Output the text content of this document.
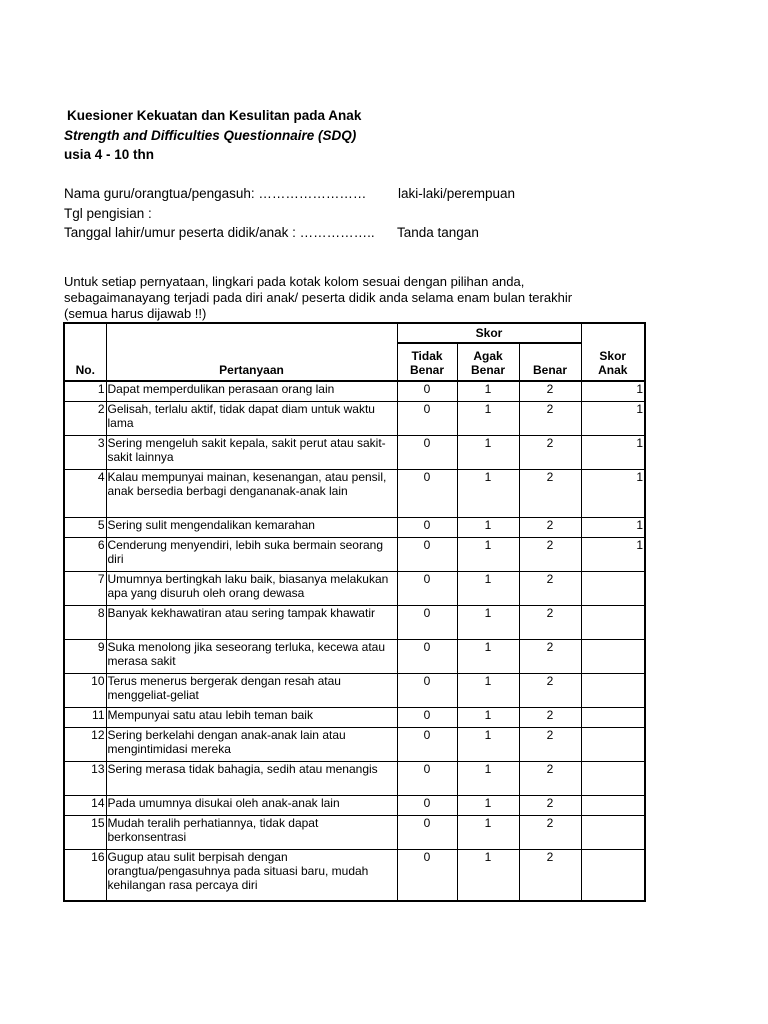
Kuesioner Kekuatan dan Kesulitan pada Anak
Strength and Difficulties Questionnaire (SDQ)
usia 4 - 10 thn
Nama guru/orangtua/pengasuh: …………………… laki-laki/perempuan
Tgl pengisian :
Tanggal lahir/umur peserta didik/anak : …………….. Tanda tangan
Untuk setiap pernyataan, lingkari pada kotak kolom sesuai dengan pilihan anda,
sebagaimanayang terjadi pada diri anak/ peserta didik anda selama enam bulan terakhir
(semua harus dijawab !!)
No.	Pertanyaan	Skor			Skor Anak
		Tidak Benar	Agak Benar	Benar	
1	Dapat memperdulikan perasaan orang lain	0	1	2	1
2	Gelisah, terlalu aktif, tidak dapat diam untuk waktu lama	0	1	2	1
3	Sering mengeluh sakit kepala, sakit perut atau sakit-sakit lainnya	0	1	2	1
4	Kalau mempunyai mainan, kesenangan, atau pensil, anak bersedia berbagi dengananak-anak lain	0	1	2	1
5	Sering sulit mengendalikan kemarahan	0	1	2	1
6	Cenderung menyendiri, lebih suka bermain seorang diri	0	1	2	1
7	Umumnya bertingkah laku baik, biasanya melakukan apa yang disuruh oleh orang dewasa	0	1	2	
8	Banyak kekhawatiran atau sering tampak khawatir	0	1	2	
9	Suka menolong jika seseorang terluka, kecewa atau merasa sakit	0	1	2	
10	Terus menerus bergerak dengan resah atau menggeliat-geliat	0	1	2	
11	Mempunyai satu atau lebih teman baik	0	1	2	
12	Sering berkelahi dengan anak-anak lain atau mengintimidasi mereka	0	1	2	
13	Sering merasa tidak bahagia, sedih atau menangis	0	1	2	
14	Pada umumnya disukai oleh anak-anak lain	0	1	2	
15	Mudah teralih perhatiannya, tidak dapat berkonsentrasi	0	1	2	
16	Gugup atau sulit berpisah dengan orangtua/pengasuhnya pada situasi baru, mudah kehilangan rasa percaya diri	0	1	2	
